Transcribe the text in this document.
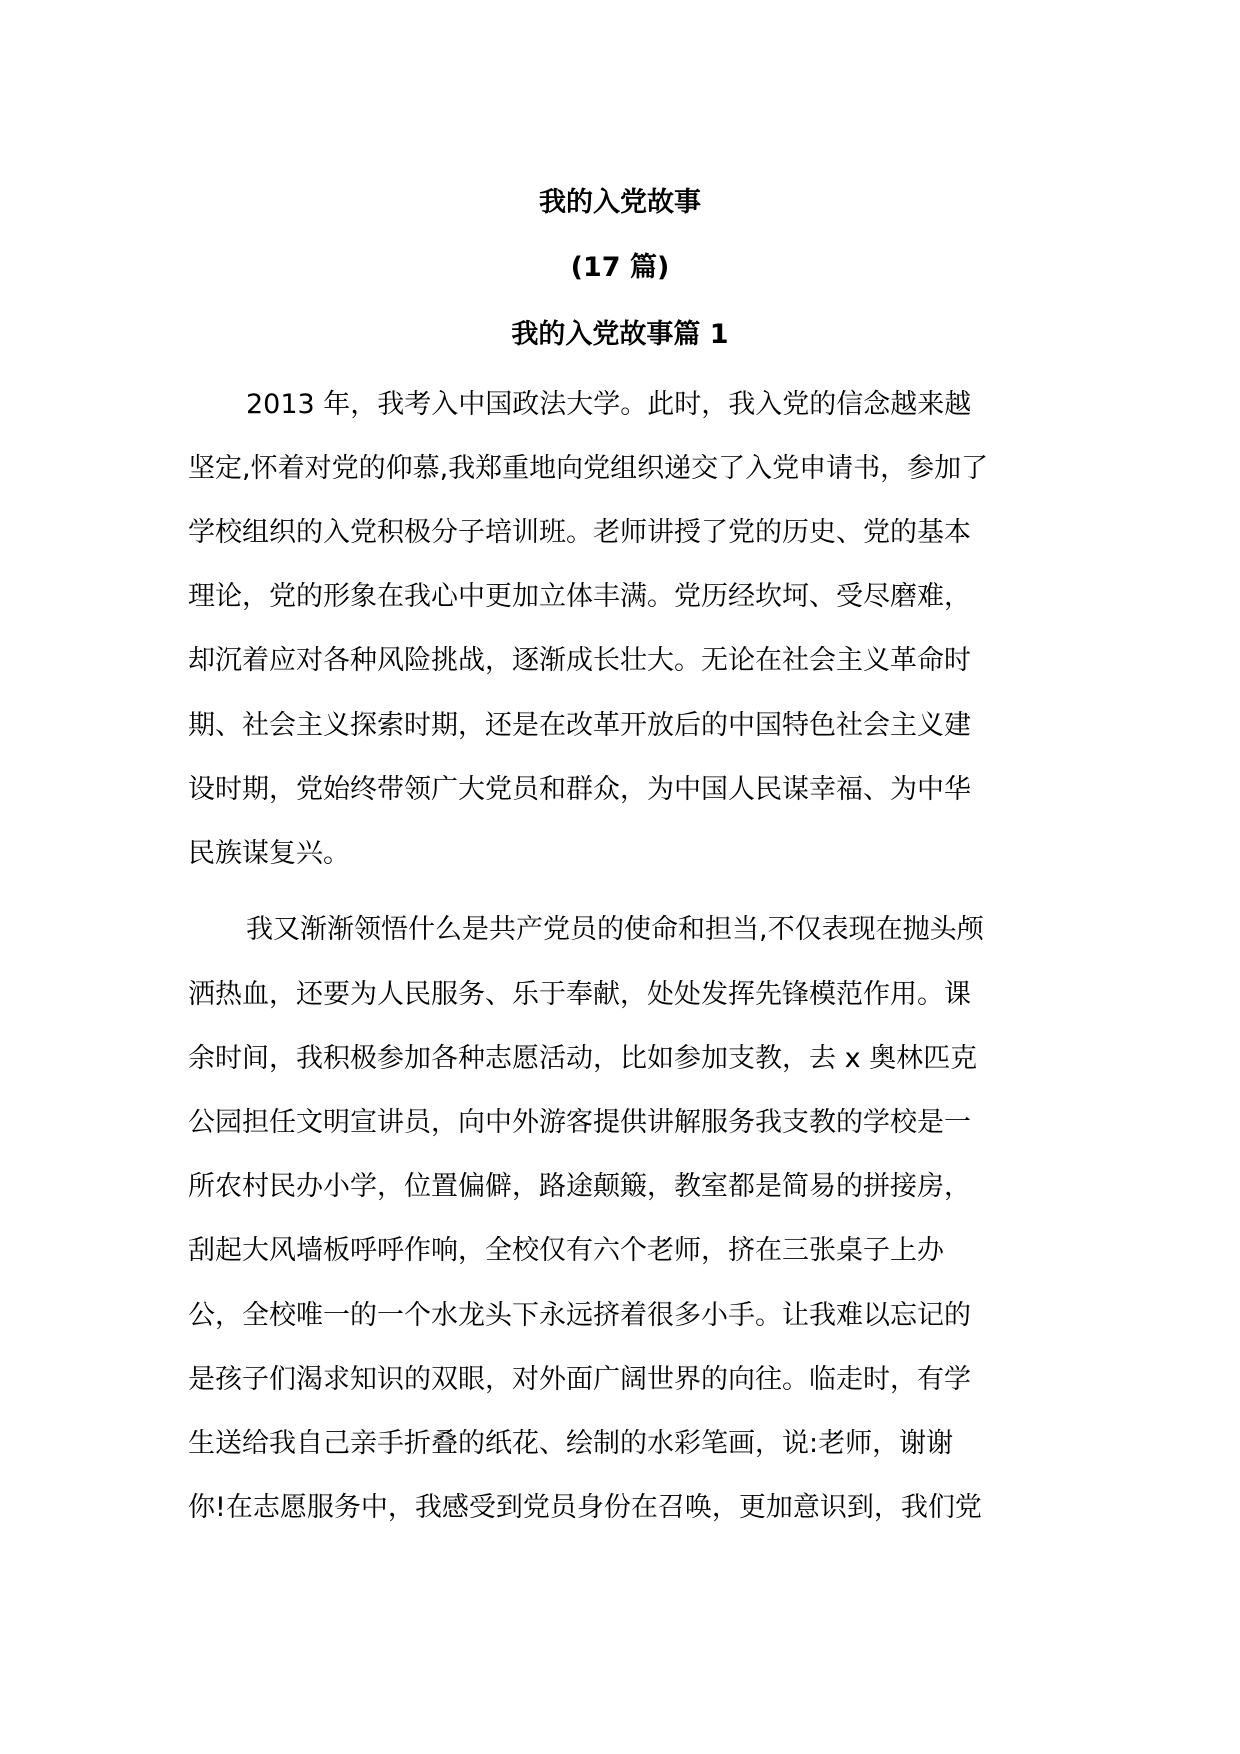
我的入党故事
(17 篇)
我的入党故事篇 1
2013 年，我考入中国政法大学。此时，我入党的信念越来越
坚定,怀着对党的仰慕,我郑重地向党组织递交了入党申请书，参加了
学校组织的入党积极分子培训班。老师讲授了党的历史、党的基本
理论，党的形象在我心中更加立体丰满。党历经坎坷、受尽磨难，
却沉着应对各种风险挑战，逐渐成长壮大。无论在社会主义革命时
期、社会主义探索时期，还是在改革开放后的中国特色社会主义建
设时期，党始终带领广大党员和群众，为中国人民谋幸福、为中华
民族谋复兴。
我又渐渐领悟什么是共产党员的使命和担当,不仅表现在抛头颅
洒热血，还要为人民服务、乐于奉献，处处发挥先锋模范作用。课
余时间，我积极参加各种志愿活动，比如参加支教，去 x 奥林匹克
公园担任文明宣讲员，向中外游客提供讲解服务我支教的学校是一
所农村民办小学，位置偏僻，路途颠簸，教室都是简易的拼接房，
刮起大风墙板呼呼作响，全校仅有六个老师，挤在三张桌子上办
公，全校唯一的一个水龙头下永远挤着很多小手。让我难以忘记的
是孩子们渴求知识的双眼，对外面广阔世界的向往。临走时，有学
生送给我自己亲手折叠的纸花、绘制的水彩笔画，说:老师，谢谢
你!在志愿服务中，我感受到党员身份在召唤，更加意识到，我们党
